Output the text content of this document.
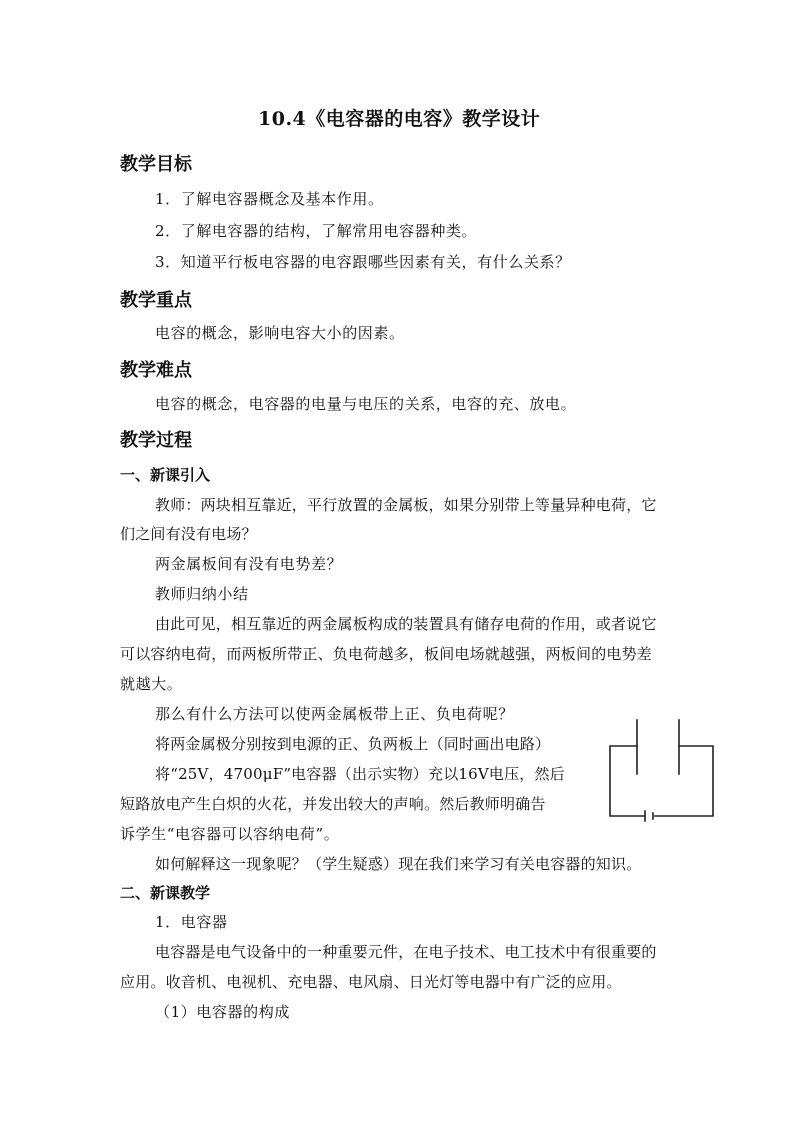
10.4《电容器的电容》教学设计
教学目标
1．了解电容器概念及基本作用。
2．了解电容器的结构，了解常用电容器种类。
3．知道平行板电容器的电容跟哪些因素有关，有什么关系？
教学重点
电容的概念，影响电容大小的因素。
教学难点
电容的概念，电容器的电量与电压的关系，电容的充、放电。
教学过程
一、新课引入
教师：两块相互靠近，平行放置的金属板，如果分别带上等量异种电荷，它
们之间有没有电场？
两金属板间有没有电势差？
教师归纳小结
由此可见，相互靠近的两金属板构成的装置具有储存电荷的作用，或者说它
可以容纳电荷，而两板所带正、负电荷越多，板间电场就越强，两板间的电势差
就越大。
那么有什么方法可以使两金属板带上正、负电荷呢？
将两金属极分别按到电源的正、负两板上（同时画出电路）
将“25V，4700μF”电容器（出示实物）充以16V电压，然后
短路放电产生白炽的火花，并发出较大的声响。然后教师明确告
诉学生“电容器可以容纳电荷”。
如何解释这一现象呢？（学生疑惑）现在我们来学习有关电容器的知识。
二、新课教学
1．电容器
电容器是电气设备中的一种重要元件，在电子技术、电工技术中有很重要的
应用。收音机、电视机、充电器、电风扇、日光灯等电器中有广泛的应用。
（1）电容器的构成
